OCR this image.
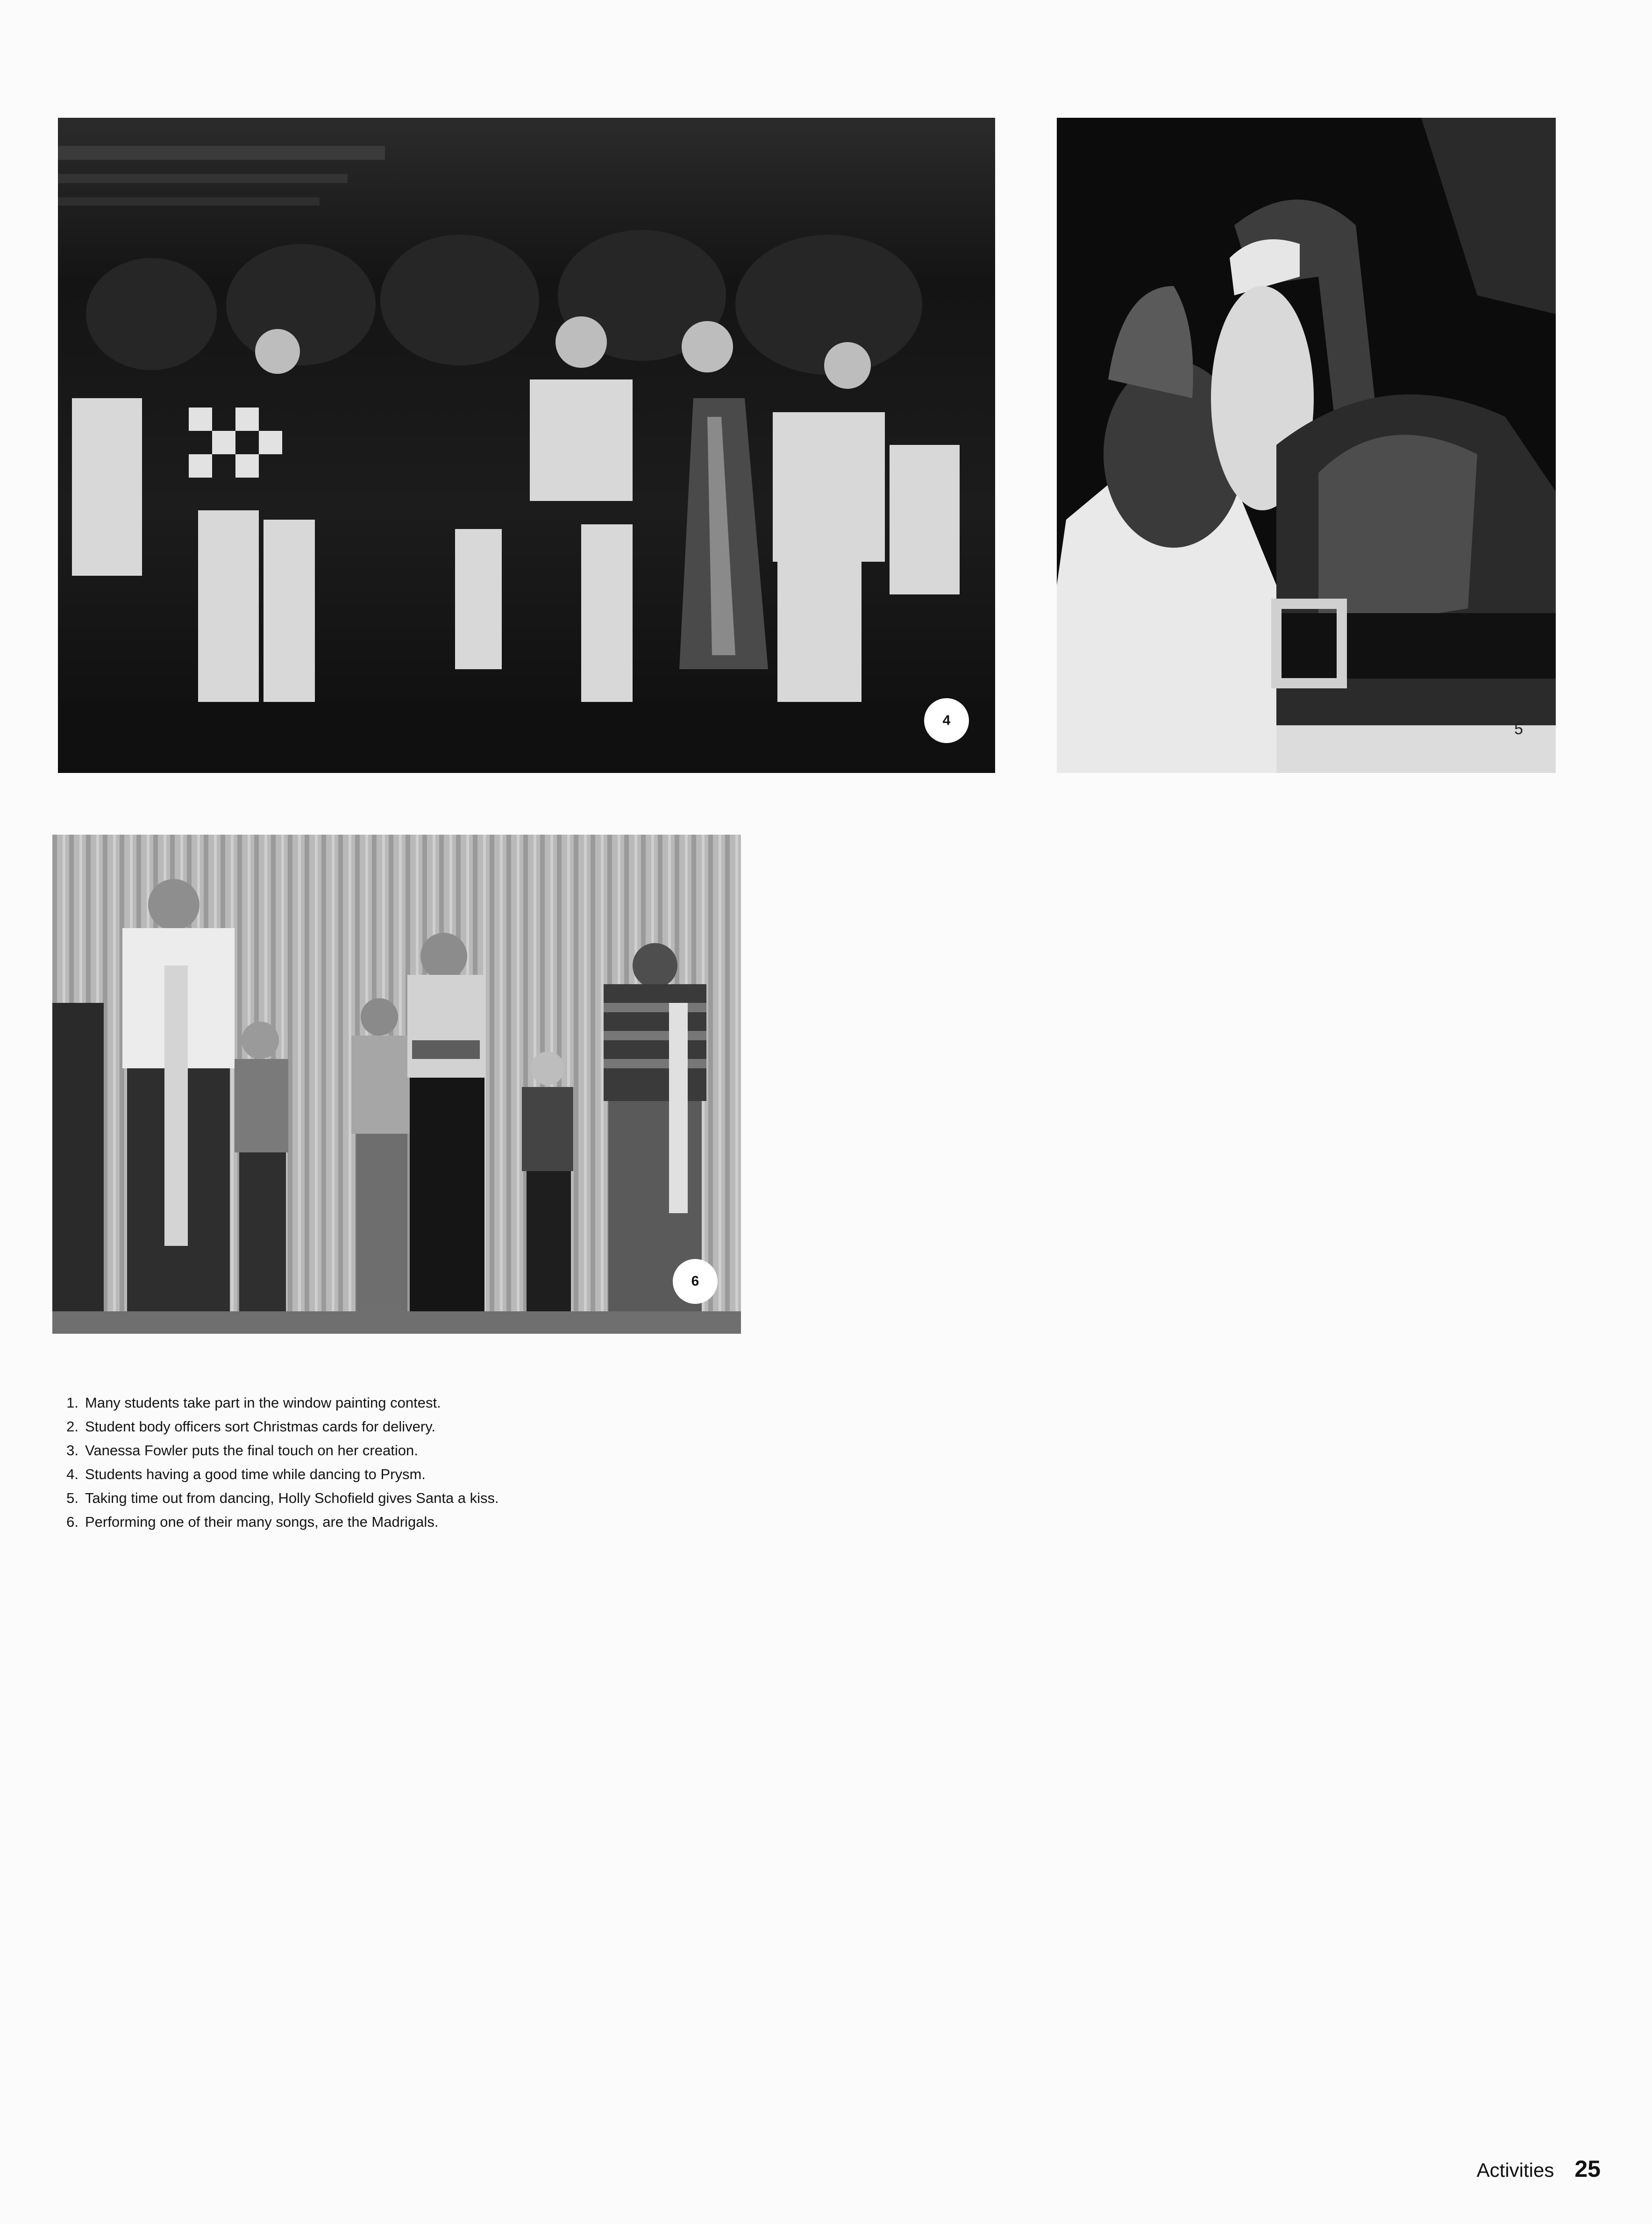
4	5
6
1. Many students take part in the window painting contest.
2. Student body officers sort Christmas cards for delivery.
3. Vanessa Fowler puts the final touch on her creation.
4. Students having a good time while dancing to Prysm.
5. Taking time out from dancing, Holly Schofield gives Santa a kiss.
6. Performing one of their many songs, are the Madrigals.
Activities 25
